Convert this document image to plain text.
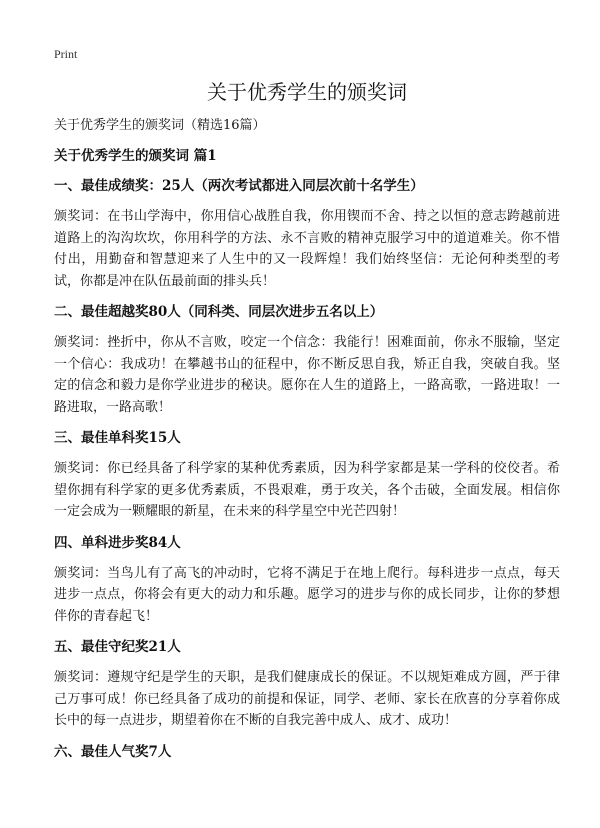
Print
关于优秀学生的颁奖词

关于优秀学生的颁奖词（精选16篇）

关于优秀学生的颁奖词 篇1

一、最佳成绩奖：25人（两次考试都进入同层次前十名学生）

颁奖词：在书山学海中，你用信心战胜自我，你用锲而不舍、持之以恒的意志跨越前进道路上的沟沟坎坎，你用科学的方法、永不言败的精神克服学习中的道道难关。你不惜付出，用勤奋和智慧迎来了人生中的又一段辉煌！我们始终坚信：无论何种类型的考试，你都是冲在队伍最前面的排头兵！

二、最佳超越奖80人（同科类、同层次进步五名以上）

颁奖词：挫折中，你从不言败，咬定一个信念：我能行！困难面前，你永不服输，坚定一个信心：我成功！在攀越书山的征程中，你不断反思自我，矫正自我，突破自我。坚定的信念和毅力是你学业进步的秘诀。愿你在人生的道路上，一路高歌，一路进取！一路进取，一路高歌！

三、最佳单科奖15人

颁奖词：你已经具备了科学家的某种优秀素质，因为科学家都是某一学科的佼佼者。希望你拥有科学家的更多优秀素质，不畏艰难，勇于攻关，各个击破，全面发展。相信你一定会成为一颗耀眼的新星，在未来的科学星空中光芒四射！

四、单科进步奖84人

颁奖词：当鸟儿有了高飞的冲动时，它将不满足于在地上爬行。每科进步一点点，每天进步一点点，你将会有更大的动力和乐趣。愿学习的进步与你的成长同步，让你的梦想伴你的青春起飞！

五、最佳守纪奖21人

颁奖词：遵规守纪是学生的天职，是我们健康成长的保证。不以规矩难成方圆，严于律己万事可成！你已经具备了成功的前提和保证，同学、老师、家长在欣喜的分享着你成长中的每一点进步，期望着你在不断的自我完善中成人、成才、成功！

六、最佳人气奖7人
